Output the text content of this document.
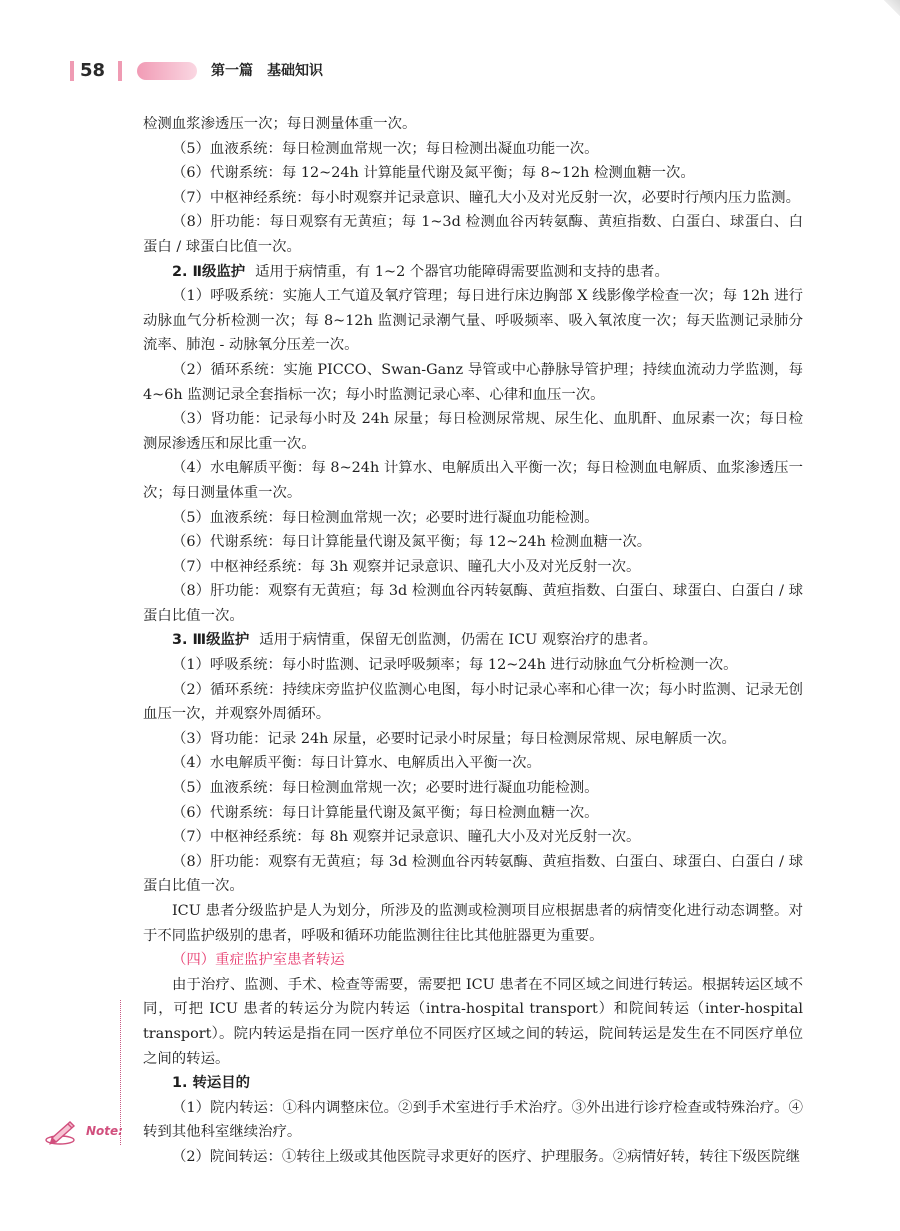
58	第一篇　基础知识

检测血浆渗透压一次；每日测量体重一次。

（5）血液系统：每日检测血常规一次；每日检测出凝血功能一次。

（6）代谢系统：每 12~24h 计算能量代谢及氮平衡；每 8~12h 检测血糖一次。

（7）中枢神经系统：每小时观察并记录意识、瞳孔大小及对光反射一次，必要时行颅内压力监测。

（8）肝功能：每日观察有无黄疸；每 1~3d 检测血谷丙转氨酶、黄疸指数、白蛋白、球蛋白、白蛋白 / 球蛋白比值一次。

2. Ⅱ级监护 适用于病情重，有 1~2 个器官功能障碍需要监测和支持的患者。

（1）呼吸系统：实施人工气道及氧疗管理；每日进行床边胸部 X 线影像学检查一次；每 12h 进行动脉血气分析检测一次；每 8~12h 监测记录潮气量、呼吸频率、吸入氧浓度一次；每天监测记录肺分流率、肺泡 - 动脉氧分压差一次。

（2）循环系统：实施 PICCO、Swan-Ganz 导管或中心静脉导管护理；持续血流动力学监测，每 4~6h 监测记录全套指标一次；每小时监测记录心率、心律和血压一次。

（3）肾功能：记录每小时及 24h 尿量；每日检测尿常规、尿生化、血肌酐、血尿素一次；每日检测尿渗透压和尿比重一次。

（4）水电解质平衡：每 8~24h 计算水、电解质出入平衡一次；每日检测血电解质、血浆渗透压一次；每日测量体重一次。

（5）血液系统：每日检测血常规一次；必要时进行凝血功能检测。

（6）代谢系统：每日计算能量代谢及氮平衡；每 12~24h 检测血糖一次。

（7）中枢神经系统：每 3h 观察并记录意识、瞳孔大小及对光反射一次。

（8）肝功能：观察有无黄疸；每 3d 检测血谷丙转氨酶、黄疸指数、白蛋白、球蛋白、白蛋白 / 球蛋白比值一次。

3. Ⅲ级监护 适用于病情重，保留无创监测，仍需在 ICU 观察治疗的患者。

（1）呼吸系统：每小时监测、记录呼吸频率；每 12~24h 进行动脉血气分析检测一次。

（2）循环系统：持续床旁监护仪监测心电图，每小时记录心率和心律一次；每小时监测、记录无创血压一次，并观察外周循环。

（3）肾功能：记录 24h 尿量，必要时记录小时尿量；每日检测尿常规、尿电解质一次。

（4）水电解质平衡：每日计算水、电解质出入平衡一次。

（5）血液系统：每日检测血常规一次；必要时进行凝血功能检测。

（6）代谢系统：每日计算能量代谢及氮平衡；每日检测血糖一次。

（7）中枢神经系统：每 8h 观察并记录意识、瞳孔大小及对光反射一次。

（8）肝功能：观察有无黄疸；每 3d 检测血谷丙转氨酶、黄疸指数、白蛋白、球蛋白、白蛋白 / 球蛋白比值一次。

ICU 患者分级监护是人为划分，所涉及的监测或检测项目应根据患者的病情变化进行动态调整。对于不同监护级别的患者，呼吸和循环功能监测往往比其他脏器更为重要。

（四）重症监护室患者转运

由于治疗、监测、手术、检查等需要，需要把 ICU 患者在不同区域之间进行转运。根据转运区域不同，可把 ICU 患者的转运分为院内转运（intra-hospital transport）和院间转运（inter-hospital transport）。院内转运是指在同一医疗单位不同医疗区域之间的转运，院间转运是发生在不同医疗单位之间的转运。

1. 转运目的

（1）院内转运：①科内调整床位。②到手术室进行手术治疗。③外出进行诊疗检查或特殊治疗。④转到其他科室继续治疗。

（2）院间转运：①转往上级或其他医院寻求更好的医疗、护理服务。②病情好转，转往下级医院继

Note:
